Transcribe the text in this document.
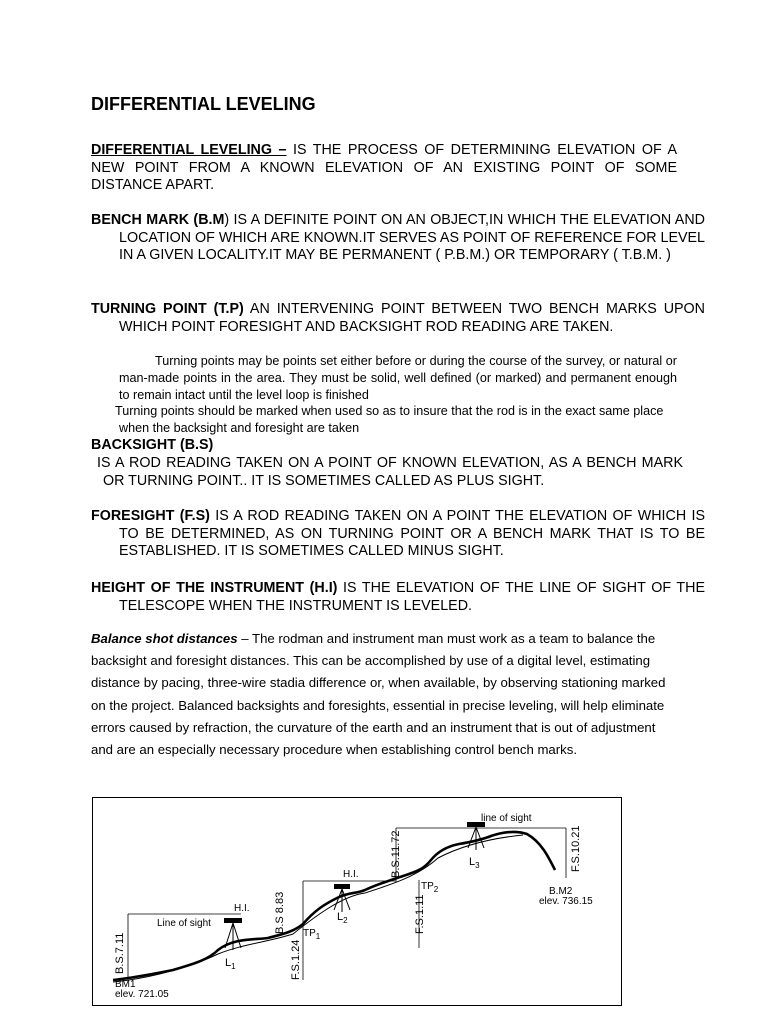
DIFFERENTIAL LEVELING

DIFFERENTIAL LEVELING – IS THE PROCESS OF DETERMINING ELEVATION OF A NEW POINT FROM A KNOWN ELEVATION OF AN EXISTING POINT OF SOME DISTANCE APART.

BENCH MARK (B.M) IS A DEFINITE POINT ON AN OBJECT,IN WHICH THE ELEVATION AND LOCATION OF WHICH ARE KNOWN.IT SERVES AS POINT OF REFERENCE FOR LEVEL IN A GIVEN LOCALITY.IT MAY BE PERMANENT ( P.B.M.) OR TEMPORARY ( T.B.M. )

TURNING POINT (T.P) AN INTERVENING POINT BETWEEN TWO BENCH MARKS UPON WHICH POINT FORESIGHT AND BACKSIGHT ROD READING ARE TAKEN.

Turning points may be points set either before or during the course of the survey, or natural or man-made points in the area. They must be solid, well defined (or marked) and permanent enough to remain intact until the level loop is finished

Turning points should be marked when used so as to insure that the rod is in the exact same place when the backsight and foresight are taken

BACKSIGHT (B.S)

IS A ROD READING TAKEN ON A POINT OF KNOWN ELEVATION, AS A BENCH MARK OR TURNING POINT.. IT IS SOMETIMES CALLED AS PLUS SIGHT.

FORESIGHT (F.S) IS A ROD READING TAKEN ON A POINT THE ELEVATION OF WHICH IS TO BE DETERMINED, AS ON TURNING POINT OR A BENCH MARK THAT IS TO BE ESTABLISHED. IT IS SOMETIMES CALLED MINUS SIGHT.

HEIGHT OF THE INSTRUMENT (H.I) IS THE ELEVATION OF THE LINE OF SIGHT OF THE TELESCOPE WHEN THE INSTRUMENT IS LEVELED.

Balance shot distances – The rodman and instrument man must work as a team to balance the backsight and foresight distances. This can be accomplished by use of a digital level, estimating distance by pacing, three-wire stadia difference or, when available, by observing stationing marked on the project. Balanced backsights and foresights, essential in precise leveling, will help eliminate errors caused by refraction, the curvature of the earth and an instrument that is out of adjustment and are an especially necessary procedure when establishing control bench marks.

Line of sight
line of sight
H.I.
H.I.
B.S.7.11
B.S 8.83
B.S.11.72
F.S.1.24
F.S.1.11
F.S.10.21
BM1
elev. 721.05
B.M2
elev. 736.15
$L_1$
$L_2$
$L_3$
$TP_1$
$TP_2$
